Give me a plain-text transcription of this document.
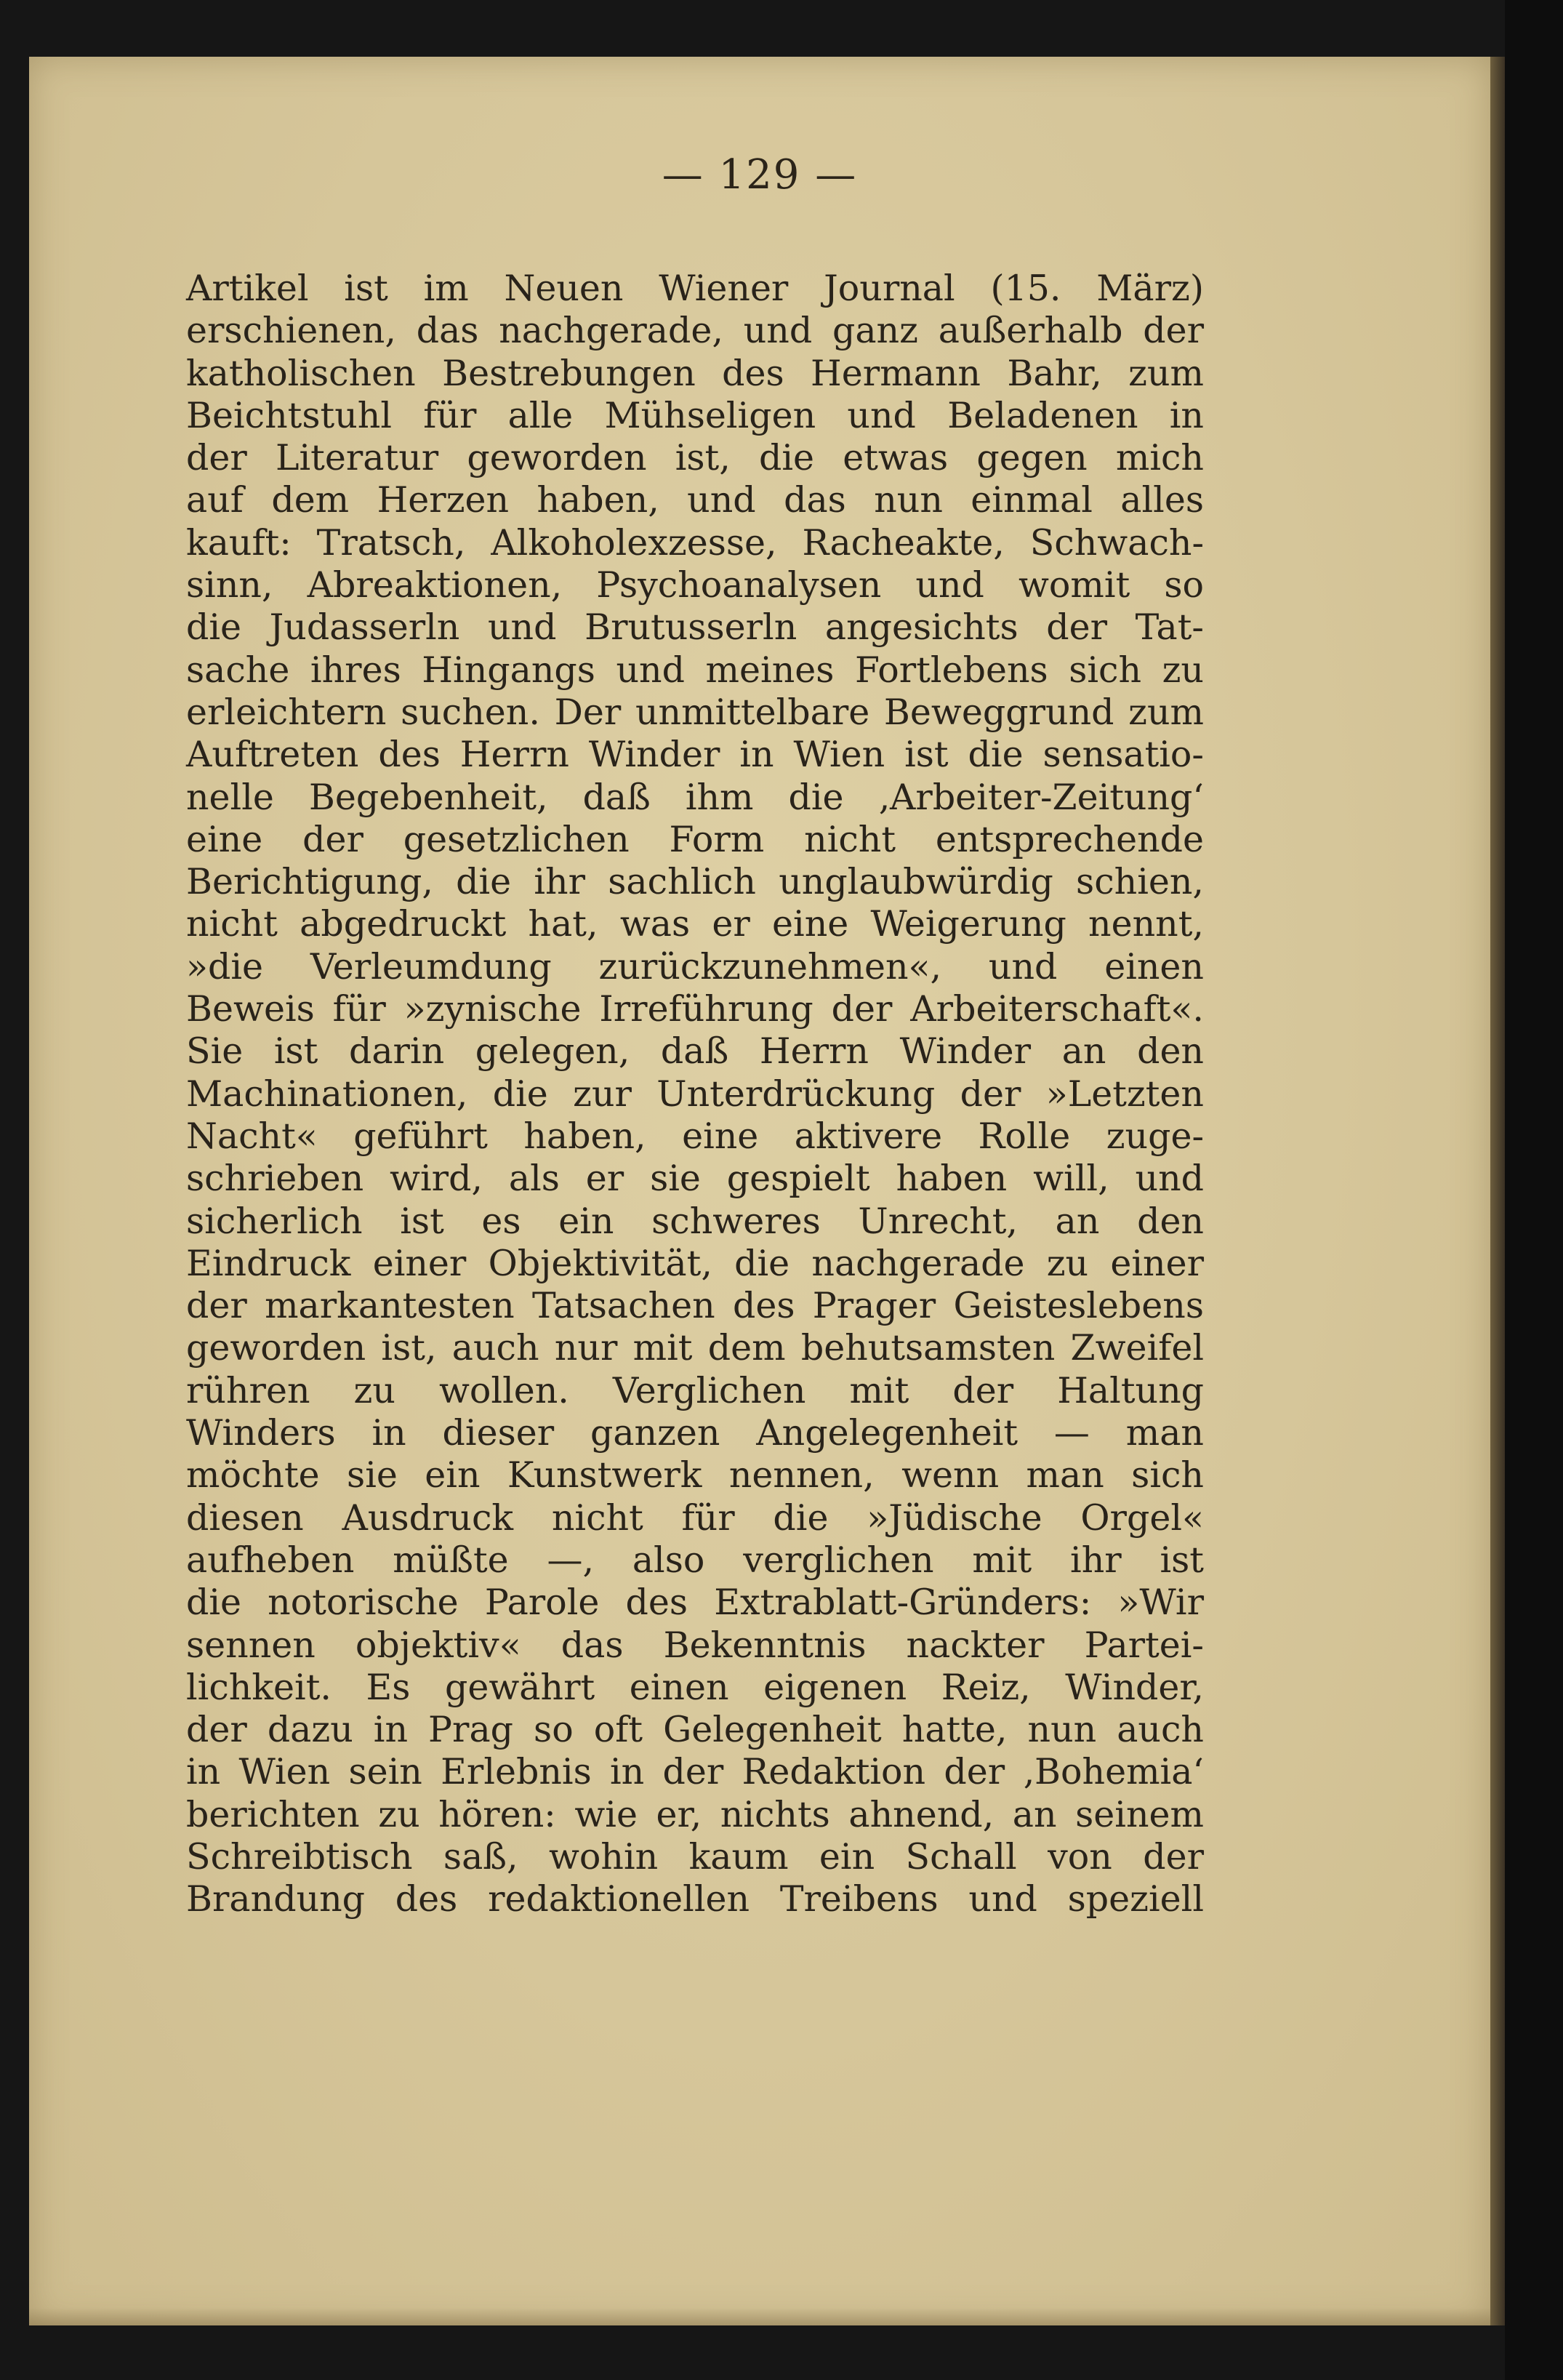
— 129 —
Artikel ist im Neuen Wiener Journal (15. März)
erschienen, das nachgerade, und ganz außerhalb der
katholischen Bestrebungen des Hermann Bahr, zum
Beichtstuhl für alle Mühseligen und Beladenen in
der Literatur geworden ist, die etwas gegen mich
auf dem Herzen haben, und das nun einmal alles
kauft: Tratsch, Alkoholexzesse, Racheakte, Schwach-
sinn, Abreaktionen, Psychoanalysen und womit so
die Judasserln und Brutusserln angesichts der Tat-
sache ihres Hingangs und meines Fortlebens sich zu
erleichtern suchen. Der unmittelbare Beweggrund zum
Auftreten des Herrn Winder in Wien ist die sensatio-
nelle Begebenheit, daß ihm die ‚Arbeiter-Zeitung‘
eine der gesetzlichen Form nicht entsprechende
Berichtigung, die ihr sachlich unglaubwürdig schien,
nicht abgedruckt hat, was er eine Weigerung nennt,
»die Verleumdung zurückzunehmen«, und einen
Beweis für »zynische Irreführung der Arbeiterschaft«.
Sie ist darin gelegen, daß Herrn Winder an den
Machinationen, die zur Unterdrückung der »Letzten
Nacht« geführt haben, eine aktivere Rolle zuge-
schrieben wird, als er sie gespielt haben will, und
sicherlich ist es ein schweres Unrecht, an den
Eindruck einer Objektivität, die nachgerade zu einer
der markantesten Tatsachen des Prager Geisteslebens
geworden ist, auch nur mit dem behutsamsten Zweifel
rühren zu wollen. Verglichen mit der Haltung
Winders in dieser ganzen Angelegenheit — man
möchte sie ein Kunstwerk nennen, wenn man sich
diesen Ausdruck nicht für die »Jüdische Orgel«
aufheben müßte —, also verglichen mit ihr ist
die notorische Parole des Extrablatt-Gründers: »Wir
sennen objektiv« das Bekenntnis nackter Partei-
lichkeit. Es gewährt einen eigenen Reiz, Winder,
der dazu in Prag so oft Gelegenheit hatte, nun auch
in Wien sein Erlebnis in der Redaktion der ‚Bohemia‘
berichten zu hören: wie er, nichts ahnend, an seinem
Schreibtisch saß, wohin kaum ein Schall von der
Brandung des redaktionellen Treibens und speziell
